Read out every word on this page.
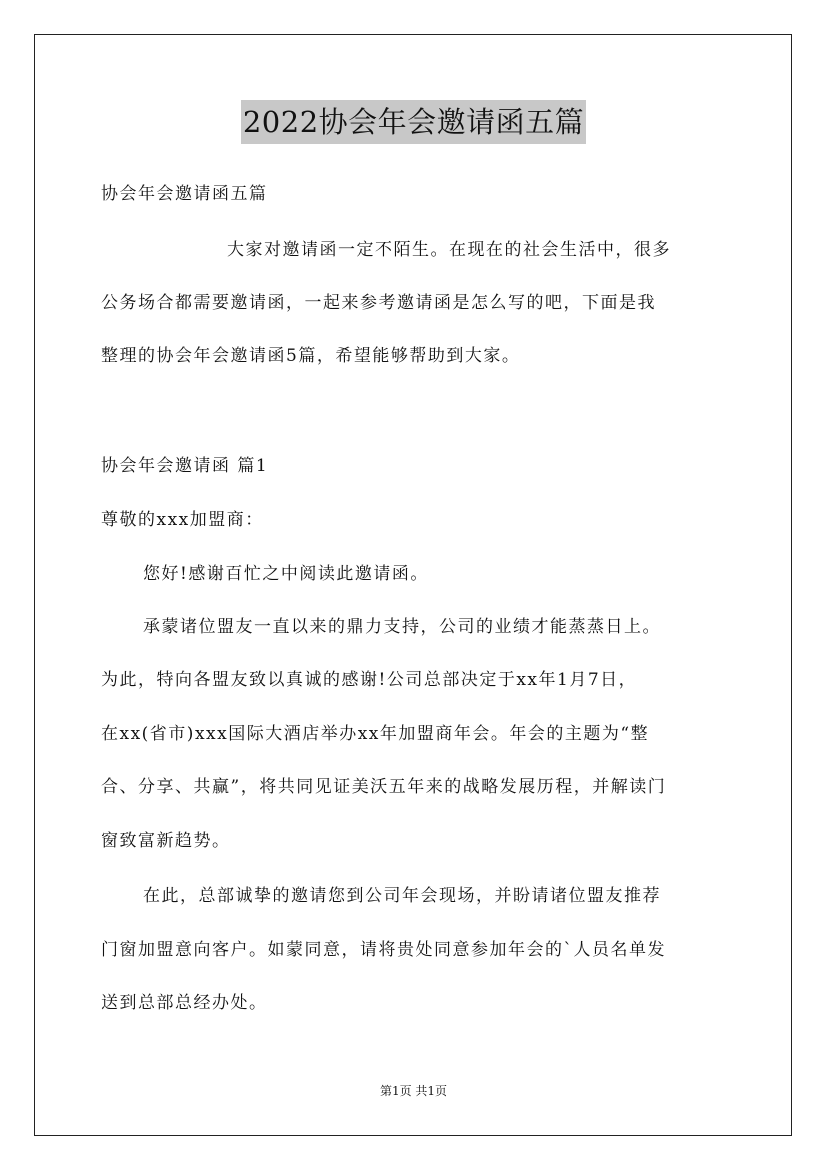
2022协会年会邀请函五篇
协会年会邀请函五篇
大家对邀请函一定不陌生。在现在的社会生活中，很多
公务场合都需要邀请函，一起来参考邀请函是怎么写的吧，下面是我
整理的协会年会邀请函5篇，希望能够帮助到大家。
协会年会邀请函 篇1
尊敬的xxx加盟商：
您好!感谢百忙之中阅读此邀请函。
承蒙诸位盟友一直以来的鼎力支持，公司的业绩才能蒸蒸日上。
为此，特向各盟友致以真诚的感谢!公司总部决定于xx年1月7日，
在xx(省市)xxx国际大酒店举办xx年加盟商年会。年会的主题为“整
合、分享、共赢”，将共同见证美沃五年来的战略发展历程，并解读门
窗致富新趋势。
在此，总部诚挚的邀请您到公司年会现场，并盼请诸位盟友推荐
门窗加盟意向客户。如蒙同意，请将贵处同意参加年会的`人员名单发
送到总部总经办处。
第1页 共1页
